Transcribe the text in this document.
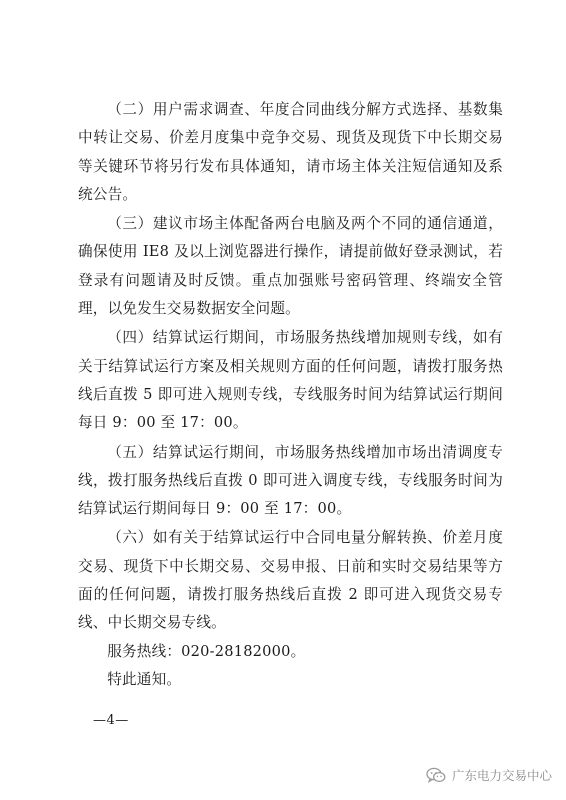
（二）用户需求调查、年度合同曲线分解方式选择、基数集中转让交易、价差月度集中竞争交易、现货及现货下中长期交易等关键环节将另行发布具体通知，请市场主体关注短信通知及系统公告。

（三）建议市场主体配备两台电脑及两个不同的通信通道，确保使用 IE8 及以上浏览器进行操作，请提前做好登录测试，若登录有问题请及时反馈。重点加强账号密码管理、终端安全管理，以免发生交易数据安全问题。

（四）结算试运行期间，市场服务热线增加规则专线，如有关于结算试运行方案及相关规则方面的任何问题，请拨打服务热线后直拨 5 即可进入规则专线，专线服务时间为结算试运行期间每日 9：00 至 17：00。

（五）结算试运行期间，市场服务热线增加市场出清调度专线，拨打服务热线后直拨 0 即可进入调度专线，专线服务时间为结算试运行期间每日 9：00 至 17：00。

（六）如有关于结算试运行中合同电量分解转换、价差月度交易、现货下中长期交易、交易申报、日前和实时交易结果等方面的任何问题，请拨打服务热线后直拨 2 即可进入现货交易专线、中长期交易专线。

服务热线：020-28182000。

特此通知。

—4—
广东电力交易中心
